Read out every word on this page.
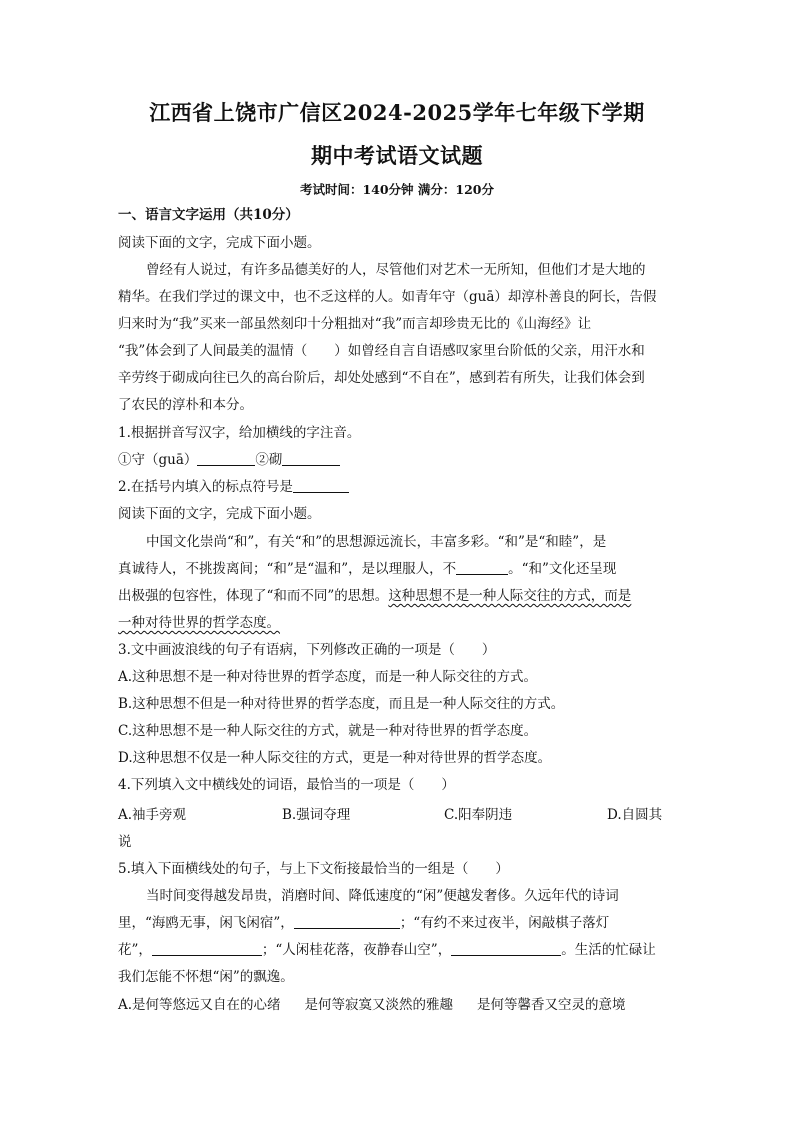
江西省上饶市广信区2024-2025学年七年级下学期
期中考试语文试题
考试时间：140分钟 满分：120分
一、语言文字运用（共10分）
阅读下面的文字，完成下面小题。
曾经有人说过，有许多品德美好的人，尽管他们对艺术一无所知，但他们才是大地的
精华。在我们学过的课文中，也不乏这样的人。如青年守（guā）却淳朴善良的阿长，告假
归来时为“我”买来一部虽然刻印十分粗拙对“我”而言却珍贵无比的《山海经》让
“我”体会到了人间最美的温情（　　）如曾经自言自语感叹家里台阶低的父亲，用汗水和
辛劳终于砌成向往已久的高台阶后，却处处感到“不自在”，感到若有所失，让我们体会到
了农民的淳朴和本分。
1.根据拼音写汉字，给加横线的字注音。
①守（guā）	②砌
2.在括号内填入的标点符号是
阅读下面的文字，完成下面小题。
中国文化崇尚“和”，有关“和”的思想源远流长，丰富多彩。“和”是“和睦”，是
真诚待人，不挑拨离间；“和”是“温和”，是以理服人，不	。“和”文化还呈现
出极强的包容性，体现了“和而不同”的思想。这种思想不是一种人际交往的方式，而是
一种对待世界的哲学态度。
3.文中画波浪线的句子有语病，下列修改正确的一项是（　　）
A.这种思想不是一种对待世界的哲学态度，而是一种人际交往的方式。
B.这种思想不但是一种对待世界的哲学态度，而且是一种人际交往的方式。
C.这种思想不是一种人际交往的方式，就是一种对待世界的哲学态度。
D.这种思想不仅是一种人际交往的方式，更是一种对待世界的哲学态度。
4.下列填入文中横线处的词语，最恰当的一项是（　　）
A.袖手旁观	B.强词夺理	C.阳奉阴违	D.自圆其
说
5.填入下面横线处的句子，与上下文衔接最恰当的一组是（　　）
当时间变得越发昂贵，消磨时间、降低速度的“闲”便越发奢侈。久远年代的诗词
里，“海鸥无事，闲飞闲宿”，	；“有约不来过夜半，闲敲棋子落灯
花”，	；“人闲桂花落，夜静春山空”，	。生活的忙碌让
我们怎能不怀想“闲”的飘逸。
A.是何等悠远又自在的心绪 是何等寂寞又淡然的雅趣 是何等馨香又空灵的意境
